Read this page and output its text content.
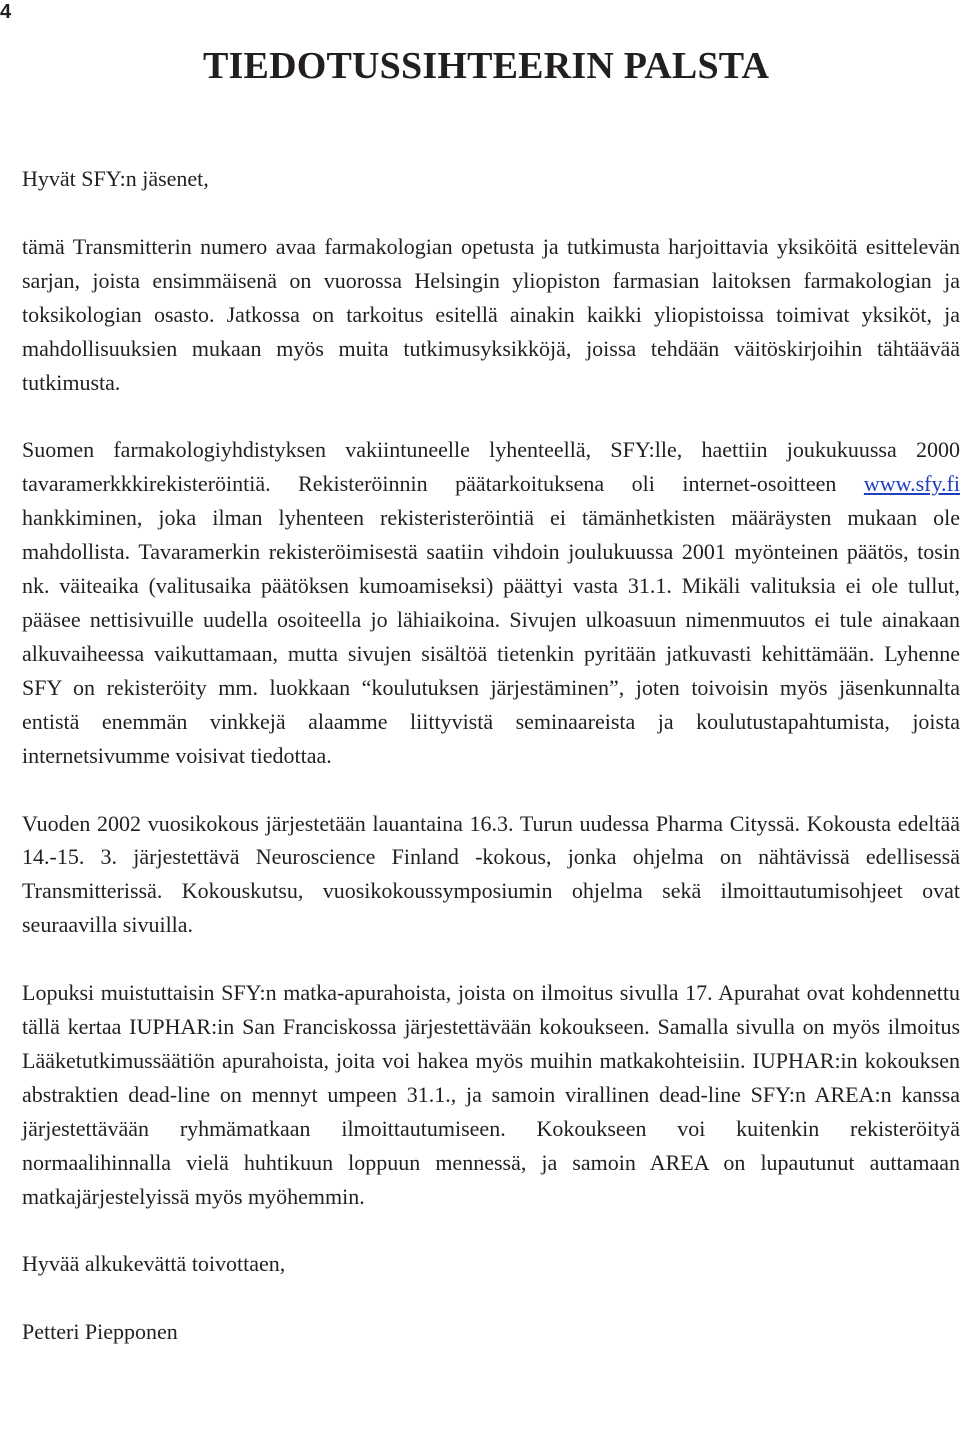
4
TIEDOTUSSIHTEERIN PALSTA

Hyvät SFY:n jäsenet,

tämä Transmitterin numero avaa farmakologian opetusta ja tutkimusta harjoittavia yksiköitä esittelevän sarjan, joista ensimmäisenä on vuorossa Helsingin yliopiston farmasian laitoksen farmakologian ja toksikologian osasto. Jatkossa on tarkoitus esitellä ainakin kaikki yliopistoissa toimivat yksiköt, ja mahdollisuuksien mukaan myös muita tutkimusyksikköjä, joissa tehdään väitöskirjoihin tähtäävää tutkimusta.

Suomen farmakologiyhdistyksen vakiintuneelle lyhenteellä, SFY:lle, haettiin joukukuussa 2000 tavaramerkkkirekisteröintiä. Rekisteröinnin päätarkoituksena oli internet-osoitteen www.sfy.fi hankkiminen, joka ilman lyhenteen rekisteristeröintiä ei tämänhetkisten määräysten mukaan ole mahdollista. Tavaramerkin rekisteröimisestä saatiin vihdoin joulukuussa 2001 myönteinen päätös, tosin nk. väiteaika (valitusaika päätöksen kumoamiseksi) päättyi vasta 31.1. Mikäli valituksia ei ole tullut, pääsee nettisivuille uudella osoiteella jo lähiaikoina. Sivujen ulkoasuun nimenmuutos ei tule ainakaan alkuvaiheessa vaikuttamaan, mutta sivujen sisältöä tietenkin pyritään jatkuvasti kehittämään. Lyhenne SFY on rekisteröity mm. luokkaan “koulutuksen järjestäminen”, joten toivoisin myös jäsenkunnalta entistä enemmän vinkkejä alaamme liittyvistä seminaareista ja koulutustapahtumista, joista internetsivumme voisivat tiedottaa.

Vuoden 2002 vuosikokous järjestetään lauantaina 16.3. Turun uudessa Pharma Cityssä. Kokousta edeltää 14.-15. 3. järjestettävä Neuroscience Finland -kokous, jonka ohjelma on nähtävissä edellisessä Transmitterissä. Kokouskutsu, vuosikokoussymposiumin ohjelma sekä ilmoittautumisohjeet ovat seuraavilla sivuilla.

Lopuksi muistuttaisin SFY:n matka-apurahoista, joista on ilmoitus sivulla 17. Apurahat ovat kohdennettu tällä kertaa IUPHAR:in San Franciskossa järjestettävään kokoukseen. Samalla sivulla on myös ilmoitus Lääketutkimussäätiön apurahoista, joita voi hakea myös muihin matkakohteisiin. IUPHAR:in kokouksen abstraktien dead-line on mennyt umpeen 31.1., ja samoin virallinen dead-line SFY:n AREA:n kanssa järjestettävään ryhmämatkaan ilmoittautumiseen. Kokoukseen voi kuitenkin rekisteröityä normaalihinnalla vielä huhtikuun loppuun mennessä, ja samoin AREA on lupautunut auttamaan matkajärjestelyissä myös myöhemmin.

Hyvää alkukevättä toivottaen,

Petteri Piepponen
